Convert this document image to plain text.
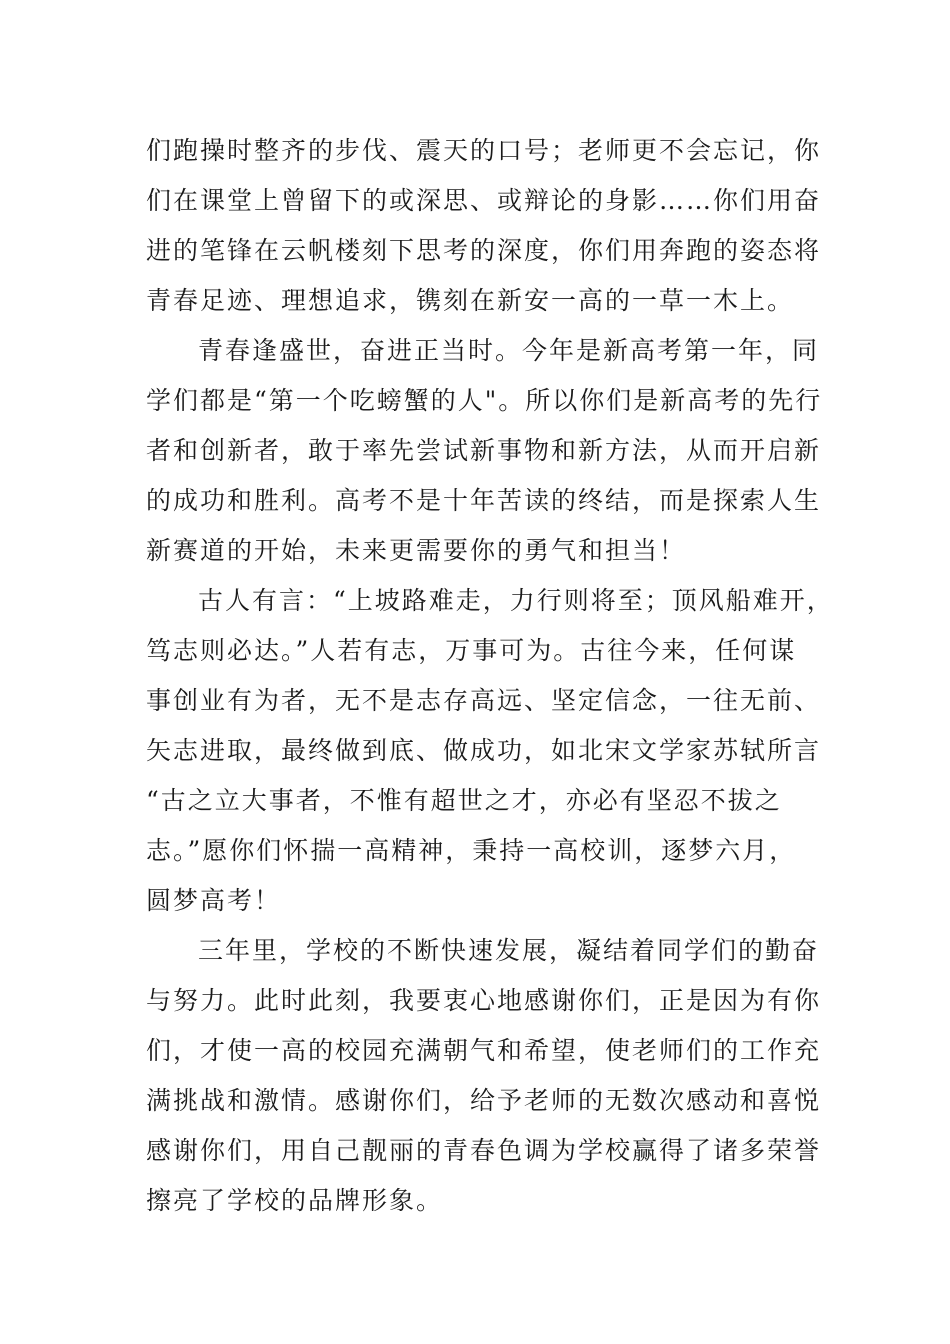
们跑操时整齐的步伐、震天的口号；老师更不会忘记，你
们在课堂上曾留下的或深思、或辩论的身影……你们用奋
进的笔锋在云帆楼刻下思考的深度，你们用奔跑的姿态将
青春足迹、理想追求，镌刻在新安一高的一草一木上。
青春逢盛世，奋进正当时。今年是新高考第一年，同
学们都是“第一个吃螃蟹的人"。所以你们是新高考的先行
者和创新者，敢于率先尝试新事物和新方法，从而开启新
的成功和胜利。高考不是十年苦读的终结，而是探索人生
新赛道的开始，未来更需要你的勇气和担当！
古人有言：“上坡路难走，力行则将至；顶风船难开，
笃志则必达。”人若有志，万事可为。古往今来，任何谋
事创业有为者，无不是志存高远、坚定信念，一往无前、
矢志进取，最终做到底、做成功，如北宋文学家苏轼所言
“古之立大事者，不惟有超世之才，亦必有坚忍不拔之
志。”愿你们怀揣一高精神，秉持一高校训，逐梦六月，
圆梦高考！
三年里，学校的不断快速发展，凝结着同学们的勤奋
与努力。此时此刻，我要衷心地感谢你们，正是因为有你
们，才使一高的校园充满朝气和希望，使老师们的工作充
满挑战和激情。感谢你们，给予老师的无数次感动和喜悦
感谢你们，用自己靓丽的青春色调为学校赢得了诸多荣誉
擦亮了学校的品牌形象。
